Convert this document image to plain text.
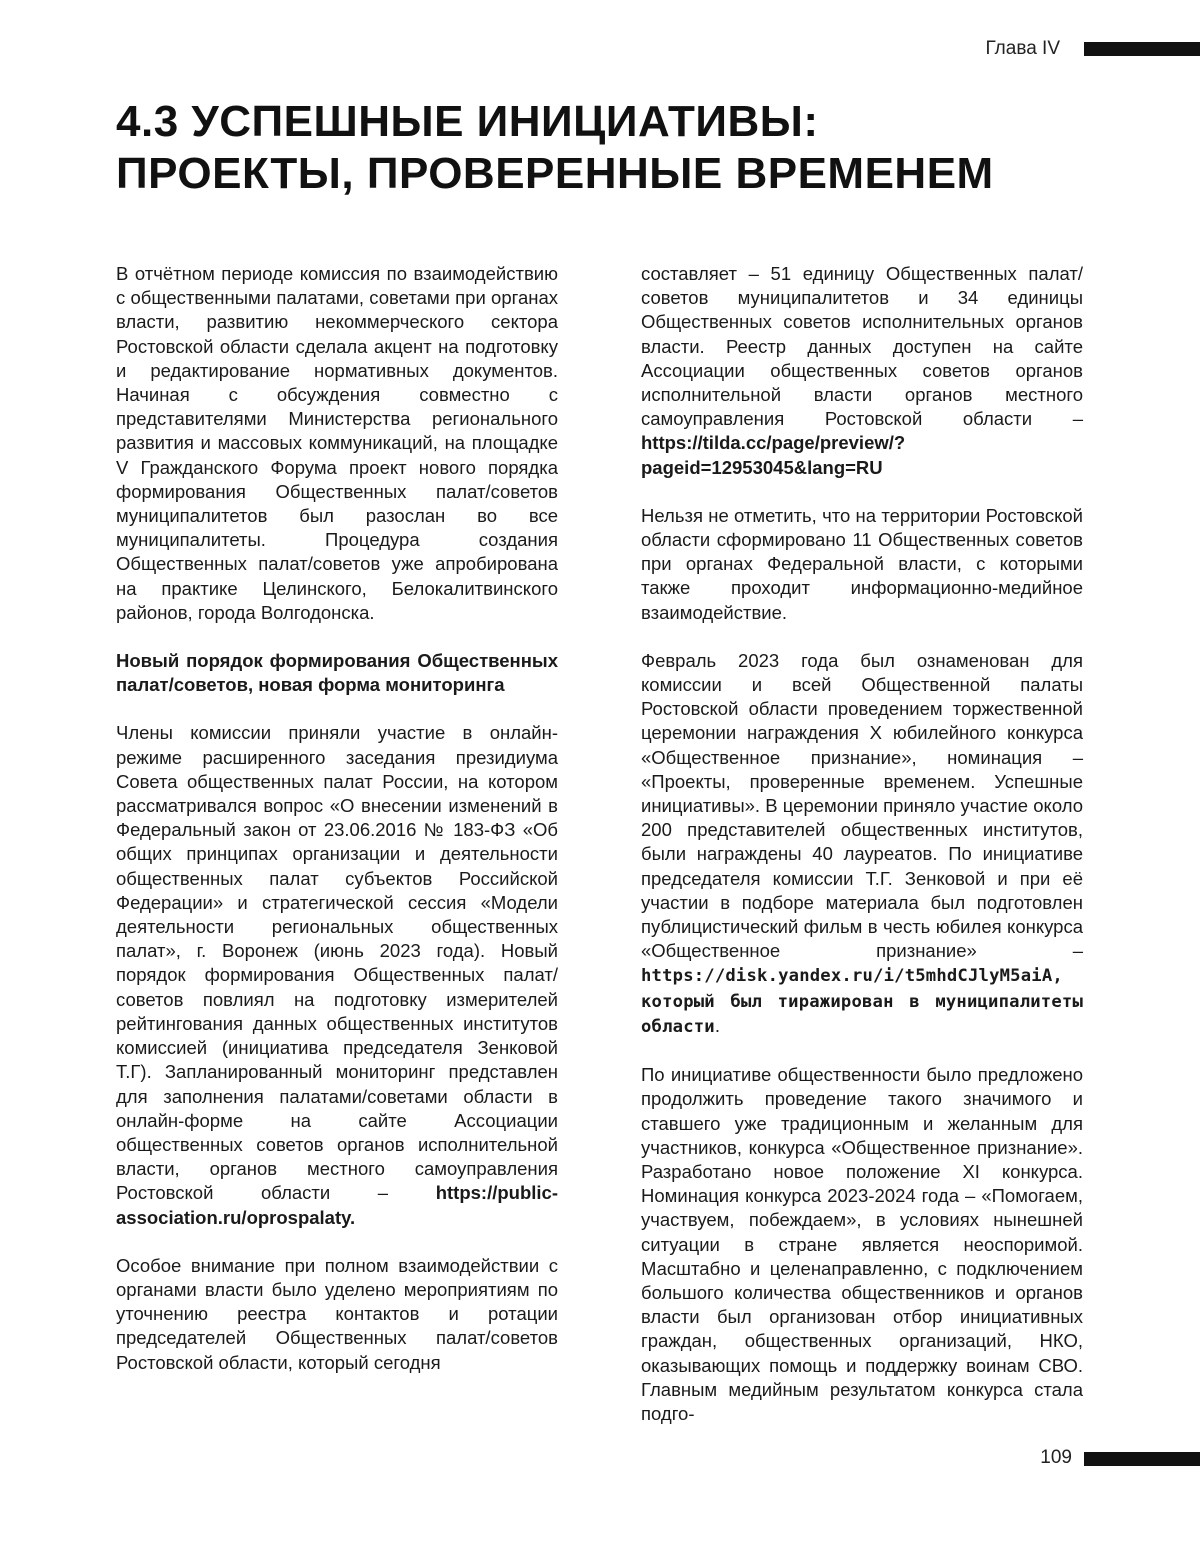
Глава IV
4.3 УСПЕШНЫЕ ИНИЦИАТИВЫ:
ПРОЕКТЫ, ПРОВЕРЕННЫЕ ВРЕМЕНЕМ

В отчётном периоде комиссия по взаимодействию с общественными палатами, советами при органах власти, развитию некоммерческого сектора Ростовской области сделала акцент на подготовку и редактирование нормативных документов. Начиная с обсуждения совместно с представителями Министерства регионального развития и массовых коммуникаций, на площадке V Гражданского Форума проект нового порядка формирования Общественных палат/советов муниципалитетов был разослан во все муниципалитеты. Процедура создания Общественных палат/советов уже апробирована на практике Целинского, Белокалитвинского районов, города Волгодонска.

Новый порядок формирования Общественных палат/советов, новая форма мониторинга

Члены комиссии приняли участие в онлайн-режиме расширенного заседания президиума Совета общественных палат России, на котором рассматривался вопрос «О внесении изменений в Федеральный закон от 23.06.2016 № 183-ФЗ «Об общих принципах организации и деятельности общественных палат субъектов Российской Федерации» и стратегической сессия «Модели деятельности региональных общественных палат», г. Воронеж (июнь 2023 года). Новый порядок формирования Общественных палат/советов повлиял на подготовку измерителей рейтингования данных общественных институтов комиссией (инициатива председателя Зенковой Т.Г). Запланированный мониторинг представлен для заполнения палатами/советами области в онлайн-форме на сайте Ассоциации общественных советов органов исполнительной власти, органов местного самоуправления Ростовской области –	https://public-association.ru/oprospalaty.

Особое внимание при полном взаимодействии с органами власти было уделено мероприятиям по уточнению реестра контактов и ротации председателей Общественных палат/советов Ростовской области, который сегодня

составляет – 51 единицу Общественных палат/советов муниципалитетов и 34 единицы Общественных советов исполнительных органов власти. Реестр данных доступен на сайте Ассоциации общественных советов органов исполнительной власти органов местного самоуправления Ростовской области – https://tilda.cc/page/preview/?pageid=12953045&lang=RU

Нельзя не отметить, что на территории Ростовской области сформировано 11 Общественных советов при органах Федеральной власти, с которыми также проходит информационно-медийное взаимодействие.

Февраль 2023 года был ознаменован для комиссии и всей Общественной палаты Ростовской области проведением торжественной церемонии награждения Х юбилейного конкурса «Общественное признание», номинация – «Проекты, проверенные временем. Успешные инициативы». В церемонии приняло участие около 200 представителей общественных институтов, были награждены 40 лауреатов. По инициативе председателя комиссии Т.Г. Зенковой и при её участии в подборе материала был подготовлен публицистический фильм в честь юбилея конкурса «Общественное признание» – https://disk.yandex.ru/i/t5mhdCJlyM5aiA, который был тиражирован в муниципалитеты области.

По инициативе общественности было предложено продолжить проведение такого значимого и ставшего уже традиционным и желанным для участников, конкурса «Общественное признание». Разработано новое положение XI конкурса. Номинация конкурса 2023-2024 года – «Помогаем, участвуем, побеждаем», в условиях нынешней ситуации в стране является неоспоримой. Масштабно и целенаправленно, с подключением большого количества общественников и органов власти был организован отбор инициативных граждан, общественных организаций, НКО, оказывающих помощь и поддержку воинам СВО. Главным медийным результатом конкурса стала подго-

109
